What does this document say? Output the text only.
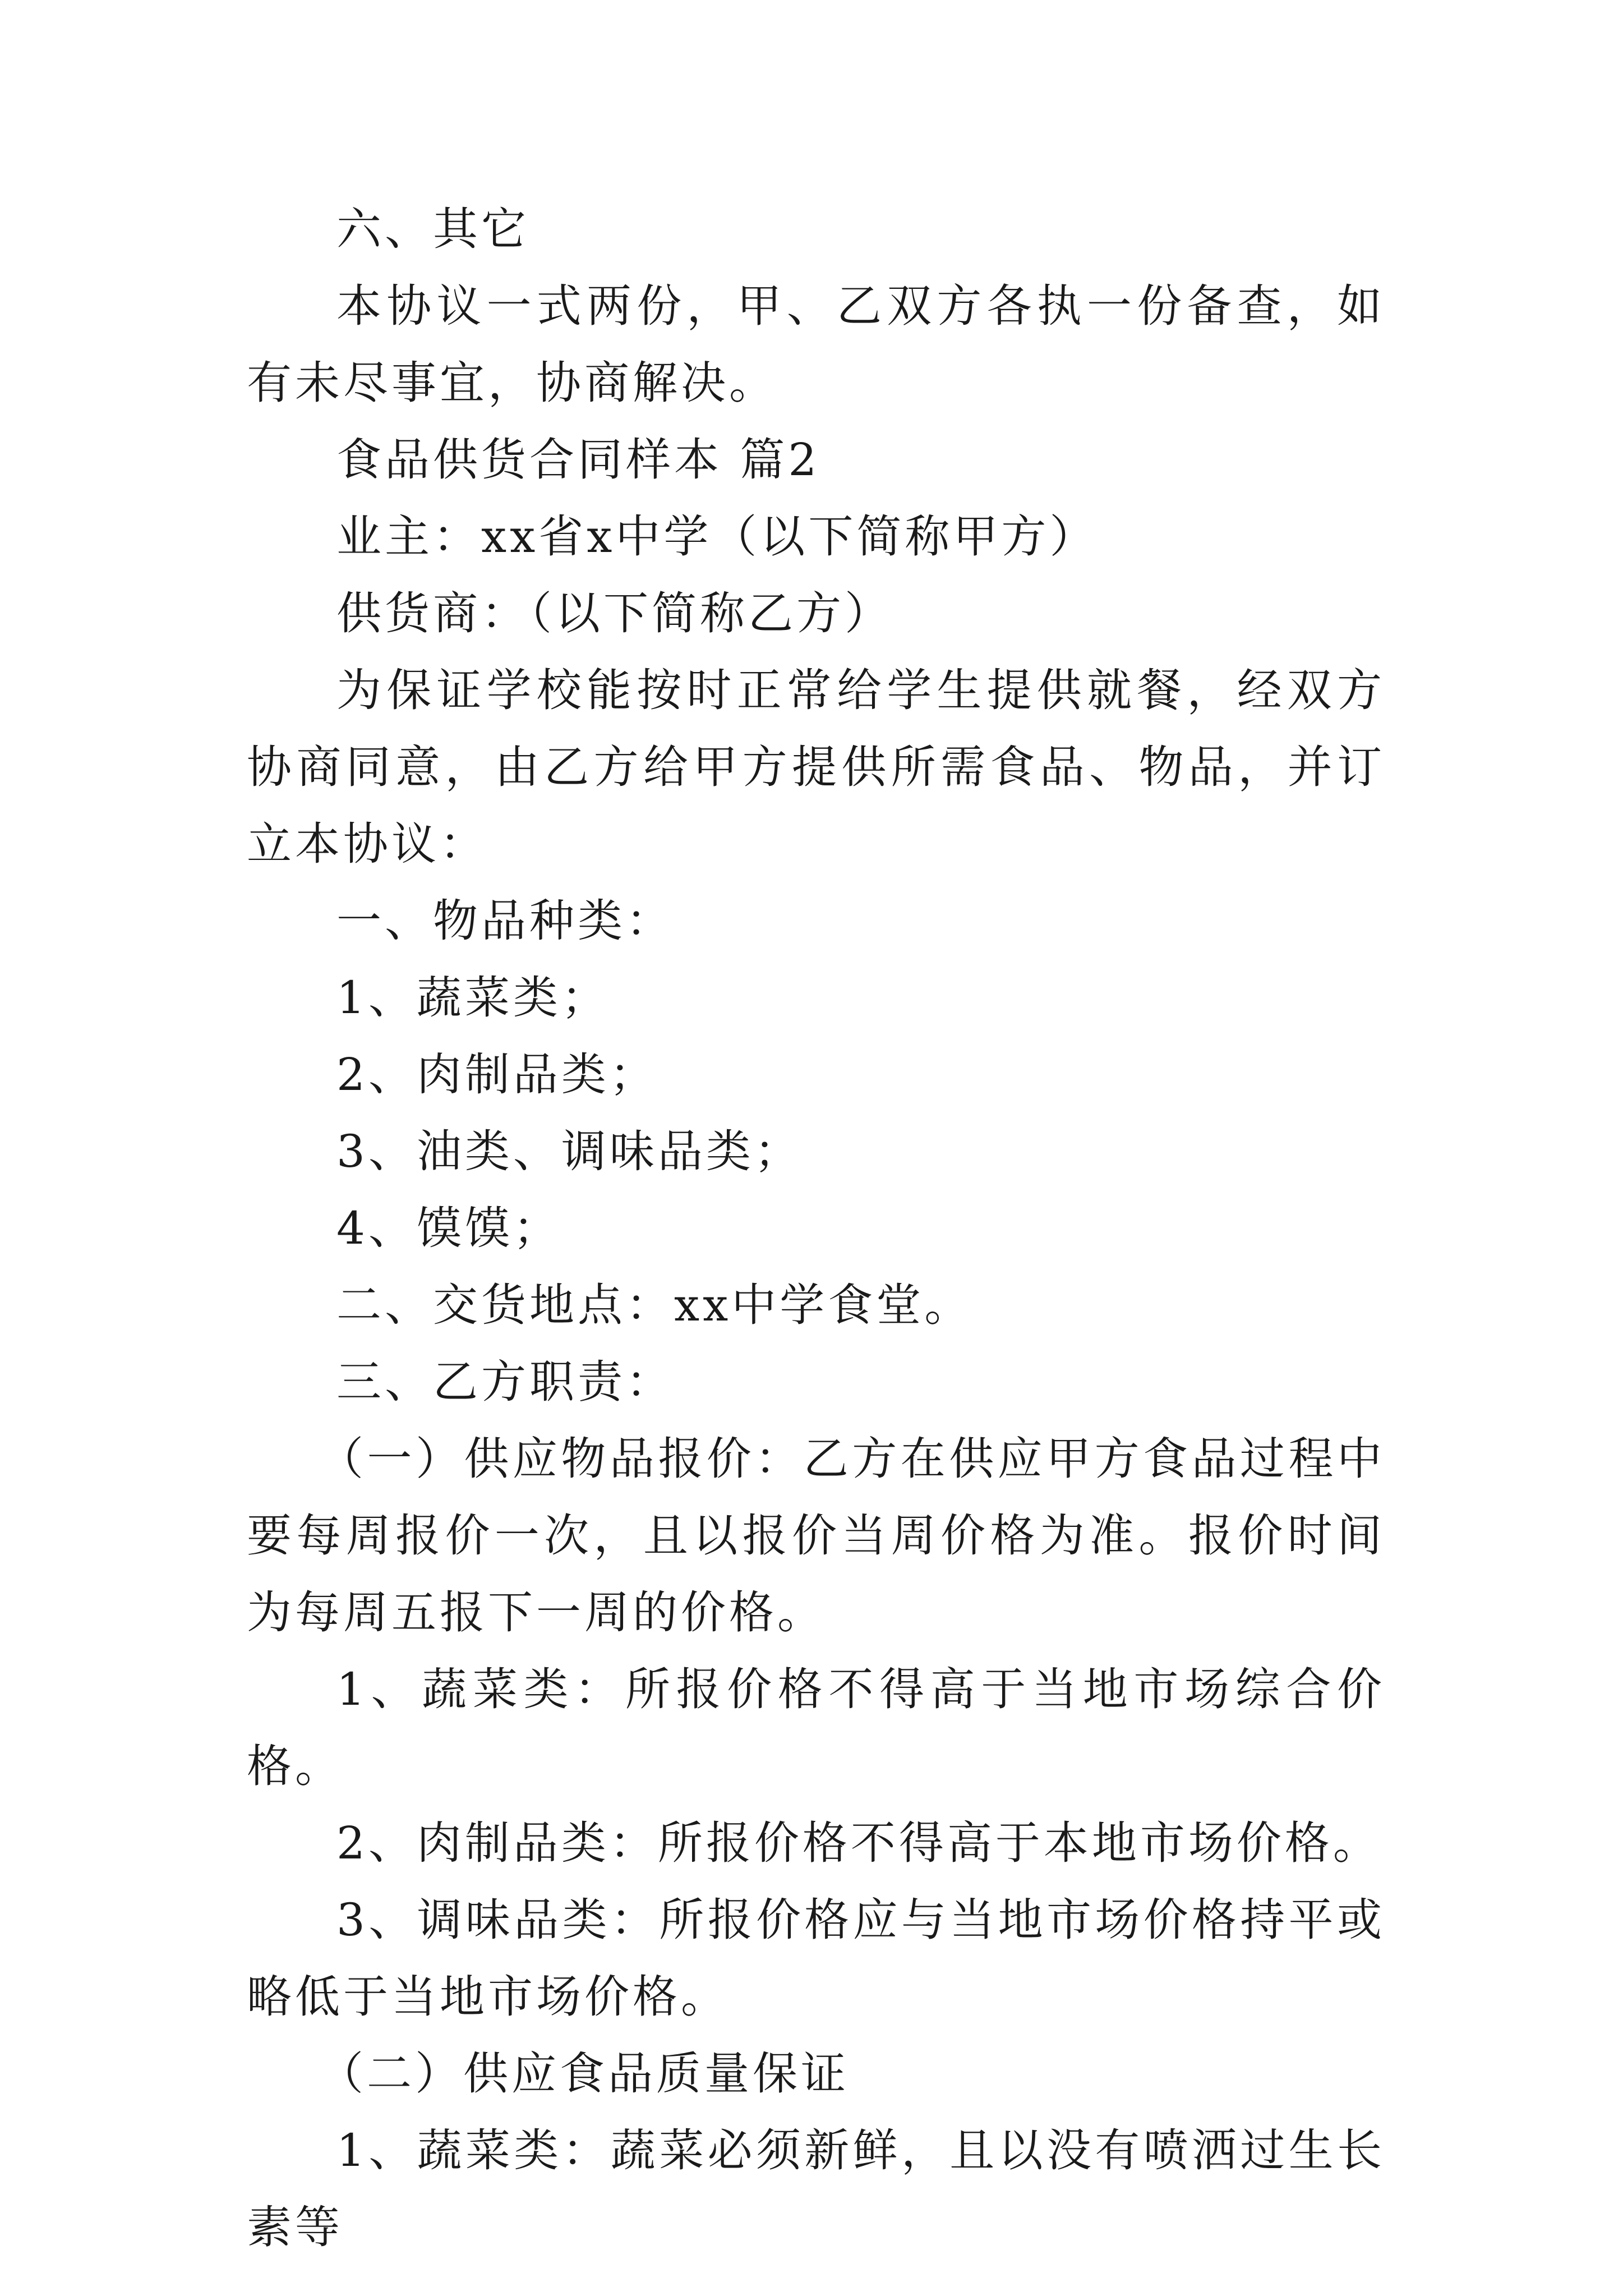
六、其它

本协议一式两份，甲、乙双方各执一份备查，如有未尽事宜，协商解决。

食品供货合同样本 篇2

业主：xx省x中学（以下简称甲方）

供货商：（以下简称乙方）

为保证学校能按时正常给学生提供就餐，经双方协商同意，由乙方给甲方提供所需食品、物品，并订立本协议：

一、物品种类：

1、蔬菜类；

2、肉制品类；

3、油类、调味品类；

4、馍馍；

二、交货地点：xx中学食堂。

三、乙方职责：

（一）供应物品报价：乙方在供应甲方食品过程中要每周报价一次，且以报价当周价格为准。报价时间为每周五报下一周的价格。

1、蔬菜类：所报价格不得高于当地市场综合价格。

2、肉制品类：所报价格不得高于本地市场价格。

3、调味品类：所报价格应与当地市场价格持平或略低于当地市场价格。

（二）供应食品质量保证

1、蔬菜类：蔬菜必须新鲜，且以没有喷洒过生长素等
